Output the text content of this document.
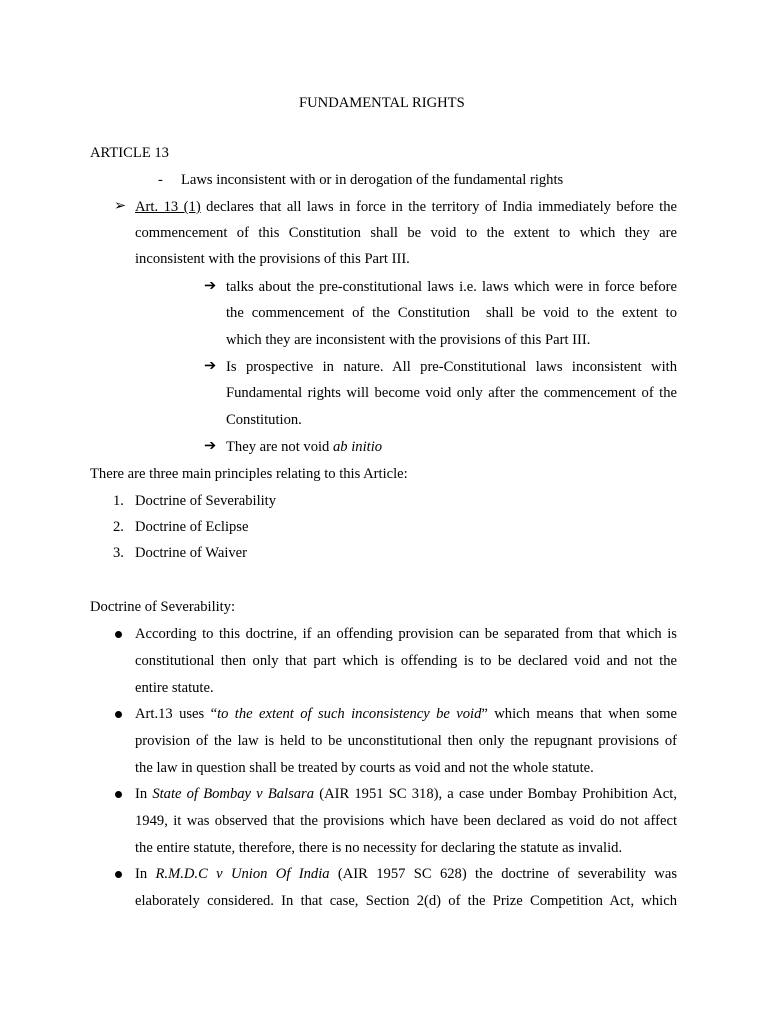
FUNDAMENTAL RIGHTS
ARTICLE 13
- Laws inconsistent with or in derogation of the fundamental rights
➢ Art. 13 (1) declares that all laws in force in the territory of India immediately before the
commencement of this Constitution shall be void to the extent to which they are
inconsistent with the provisions of this Part III.
➔ talks about the pre-constitutional laws i.e. laws which were in force before
the commencement of the Constitution  shall be void to the extent to
which they are inconsistent with the provisions of this Part III.
➔ Is prospective in nature. All pre-Constitutional laws inconsistent with
Fundamental rights will become void only after the commencement of the
Constitution.
➔ They are not void ab initio
There are three main principles relating to this Article:
1. Doctrine of Severability
2. Doctrine of Eclipse
3. Doctrine of Waiver
Doctrine of Severability:
According to this doctrine, if an offending provision can be separated from that which is
constitutional then only that part which is offending is to be declared void and not the
entire statute.
Art.13 uses “to the extent of such inconsistency be void” which means that when some
provision of the law is held to be unconstitutional then only the repugnant provisions of
the law in question shall be treated by courts as void and not the whole statute.
In State of Bombay v Balsara (AIR 1951 SC 318), a case under Bombay Prohibition Act,
1949, it was observed that the provisions which have been declared as void do not affect
the entire statute, therefore, there is no necessity for declaring the statute as invalid.
In R.M.D.C v Union Of India (AIR 1957 SC 628) the doctrine of severability was
elaborately considered. In that case, Section 2(d) of the Prize Competition Act, which
